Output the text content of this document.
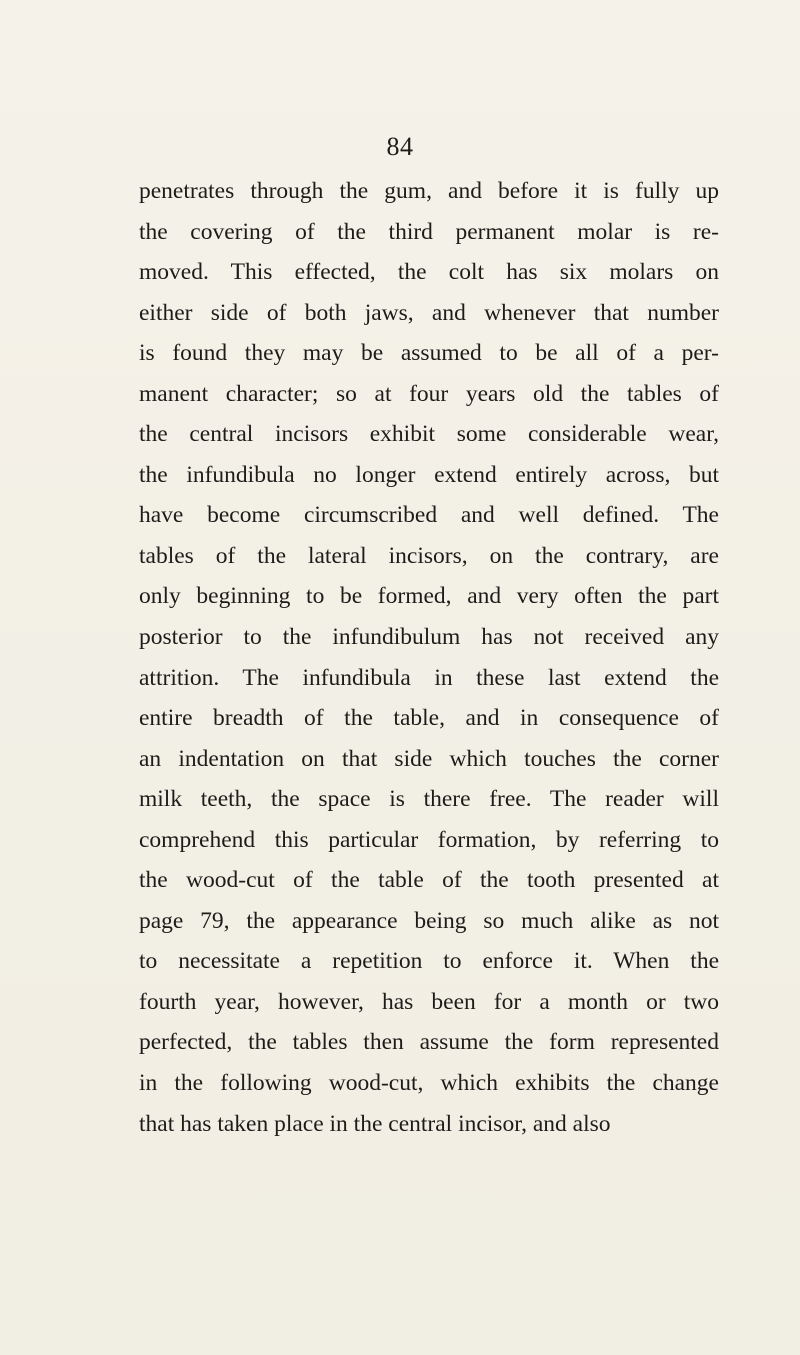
84
penetrates through the gum, and before it is fully up
the covering of the third permanent molar is re-
moved. This effected, the colt has six molars on
either side of both jaws, and whenever that number
is found they may be assumed to be all of a per-
manent character; so at four years old the tables of
the central incisors exhibit some considerable wear,
the infundibula no longer extend entirely across, but
have become circumscribed and well defined. The
tables of the lateral incisors, on the contrary, are
only beginning to be formed, and very often the part
posterior to the infundibulum has not received any
attrition. The infundibula in these last extend the
entire breadth of the table, and in consequence of
an indentation on that side which touches the corner
milk teeth, the space is there free. The reader will
comprehend this particular formation, by referring to
the wood-cut of the table of the tooth presented at
page 79, the appearance being so much alike as not
to necessitate a repetition to enforce it. When the
fourth year, however, has been for a month or two
perfected, the tables then assume the form represented
in the following wood-cut, which exhibits the change
that has taken place in the central incisor, and also
